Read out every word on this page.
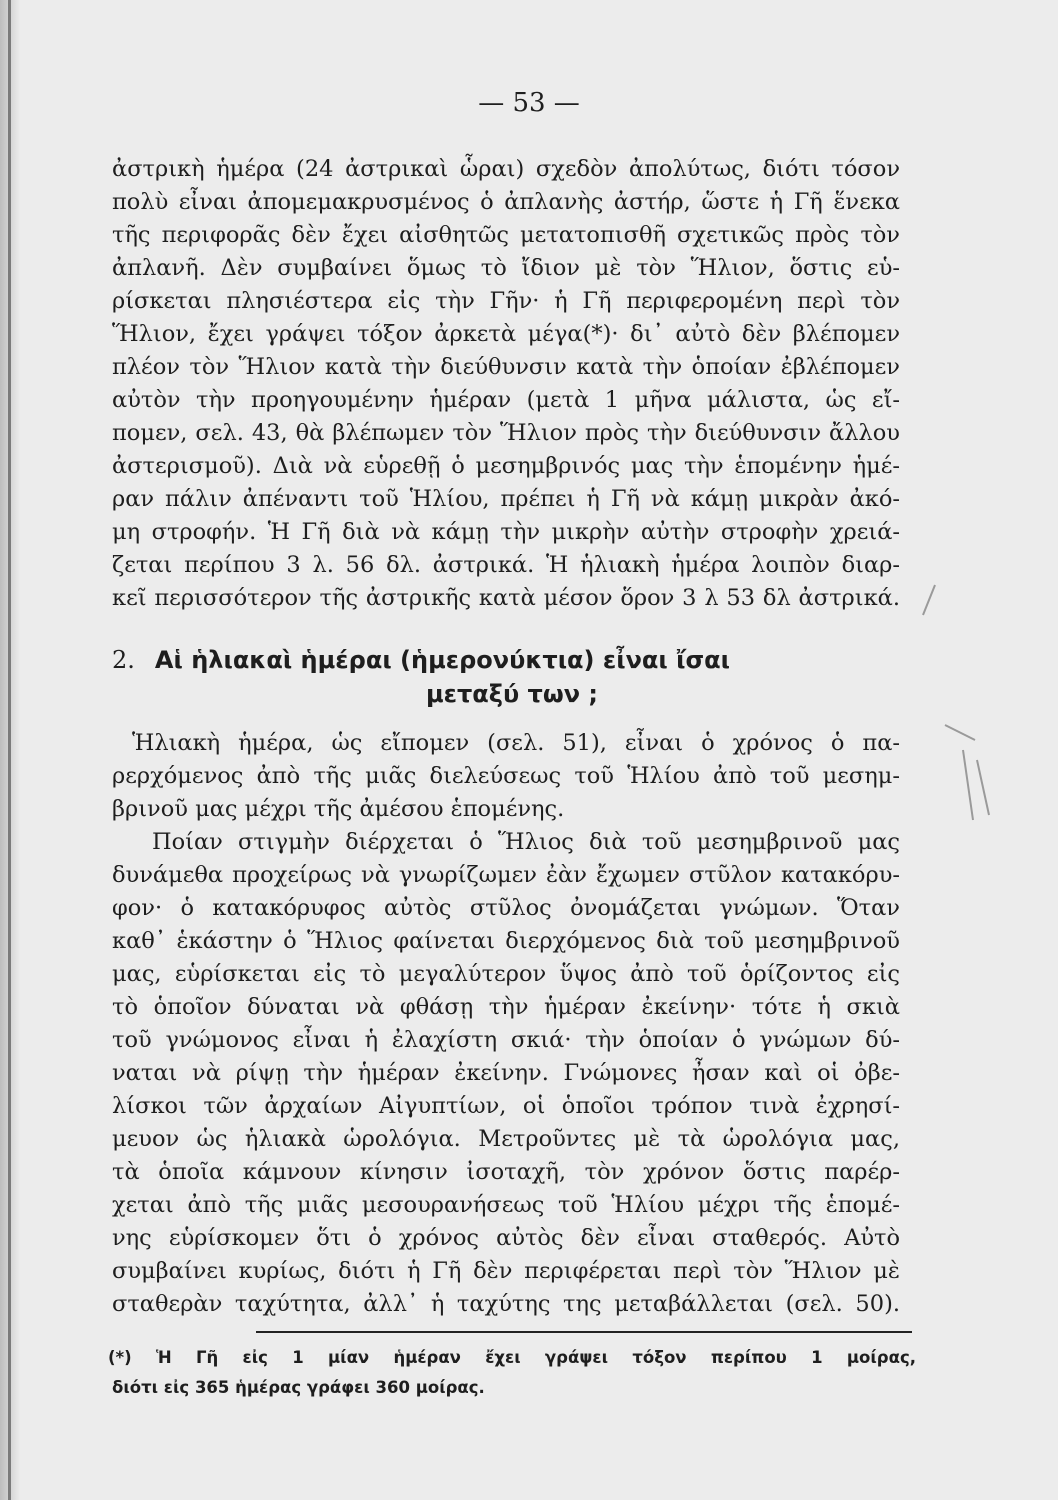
— 53 —

ἀστρικὴ ἡμέρα (24 ἀστρικαὶ ὧραι) σχεδὸν ἀπολύτως, διότι τόσον

πολὺ εἶναι ἀπομεμακρυσμένος ὁ ἀπλανὴς ἀστήρ, ὥστε ἡ Γῆ ἕνεκα

τῆς περιφορᾶς δὲν ἔχει αἰσθητῶς μετατοπισθῆ σχετικῶς πρὸς τὸν

ἀπλανῆ. Δὲν συμβαίνει ὅμως τὸ ἴδιον μὲ τὸν Ἥλιον, ὅστις εὑ-

ρίσκεται πλησιέστερα εἰς τὴν Γῆν· ἡ Γῆ περιφερομένη περὶ τὸν

Ἥλιον, ἔχει γράψει τόξον ἀρκετὰ μέγα(*)· δι᾿ αὐτὸ δὲν βλέπομεν

πλέον τὸν Ἥλιον κατὰ τὴν διεύθυνσιν κατὰ τὴν ὁποίαν ἐβλέπομεν

αὐτὸν τὴν προηγουμένην ἡμέραν (μετὰ 1 μῆνα μάλιστα, ὡς εἴ-

πομεν, σελ. 43, θὰ βλέπωμεν τὸν Ἥλιον πρὸς τὴν διεύθυνσιν ἄλλου

ἀστερισμοῦ). Διὰ νὰ εὑρεθῇ ὁ μεσημβρινός μας τὴν ἑπομένην ἡμέ-

ραν πάλιν ἀπέναντι τοῦ Ἡλίου, πρέπει ἡ Γῆ νὰ κάμῃ μικρὰν ἀκό-

μη στροφήν. Ἡ Γῆ διὰ νὰ κάμῃ τὴν μικρὴν αὐτὴν στροφὴν χρειά-

ζεται περίπου 3 λ. 56 δλ. ἀστρικά. Ἡ ἡλιακὴ ἡμέρα λοιπὸν διαρ-

κεῖ περισσότερον τῆς ἀστρικῆς κατὰ μέσον ὅρον 3 λ 53 δλ ἀστρικά.

2. Αἱ ἡλιακαὶ ἡμέραι (ἡμερονύκτια) εἶναι ἴσαι
μεταξύ των ;

Ἡλιακὴ ἡμέρα, ὡς εἴπομεν (σελ. 51), εἶναι ὁ χρόνος ὁ πα-

ρερχόμενος ἀπὸ τῆς μιᾶς διελεύσεως τοῦ Ἡλίου ἀπὸ τοῦ μεσημ-

βρινοῦ μας μέχρι τῆς ἀμέσου ἑπομένης.

Ποίαν στιγμὴν διέρχεται ὁ Ἥλιος διὰ τοῦ μεσημβρινοῦ μας

δυνάμεθα προχείρως νὰ γνωρίζωμεν ἐὰν ἔχωμεν στῦλον κατακόρυ-

φον· ὁ κατακόρυφος αὐτὸς στῦλος ὀνομάζεται γνώμων. Ὅταν

καθ᾿ ἑκάστην ὁ Ἥλιος φαίνεται διερχόμενος διὰ τοῦ μεσημβρινοῦ

μας, εὑρίσκεται εἰς τὸ μεγαλύτερον ὕψος ἀπὸ τοῦ ὁρίζοντος εἰς

τὸ ὁποῖον δύναται νὰ φθάσῃ τὴν ἡμέραν ἐκείνην· τότε ἡ σκιὰ

τοῦ γνώμονος εἶναι ἡ ἐλαχίστη σκιά· τὴν ὁποίαν ὁ γνώμων δύ-

ναται νὰ ρίψῃ τὴν ἡμέραν ἐκείνην. Γνώμονες ἦσαν καὶ οἱ ὀβε-

λίσκοι τῶν ἀρχαίων Αἰγυπτίων, οἱ ὁποῖοι τρόπον τινὰ ἐχρησί-

μευον ὡς ἡλιακὰ ὡρολόγια. Μετροῦντες μὲ τὰ ὡρολόγια μας,

τὰ ὁποῖα κάμνουν κίνησιν ἰσοταχῆ, τὸν χρόνον ὅστις παρέρ-

χεται ἀπὸ τῆς μιᾶς μεσουρανήσεως τοῦ Ἡλίου μέχρι τῆς ἑπομέ-

νης εὑρίσκομεν ὅτι ὁ χρόνος αὐτὸς δὲν εἶναι σταθερός. Αὐτὸ

συμβαίνει κυρίως, διότι ἡ Γῆ δὲν περιφέρεται περὶ τὸν Ἥλιον μὲ

σταθερὰν ταχύτητα, ἀλλ᾿ ἡ ταχύτης της μεταβάλλεται (σελ. 50).

(*) Ἡ Γῆ εἰς 1 μίαν ἡμέραν ἔχει γράψει τόξον περίπου 1 μοίρας,

διότι εἰς 365 ἡμέρας γράφει 360 μοίρας.
